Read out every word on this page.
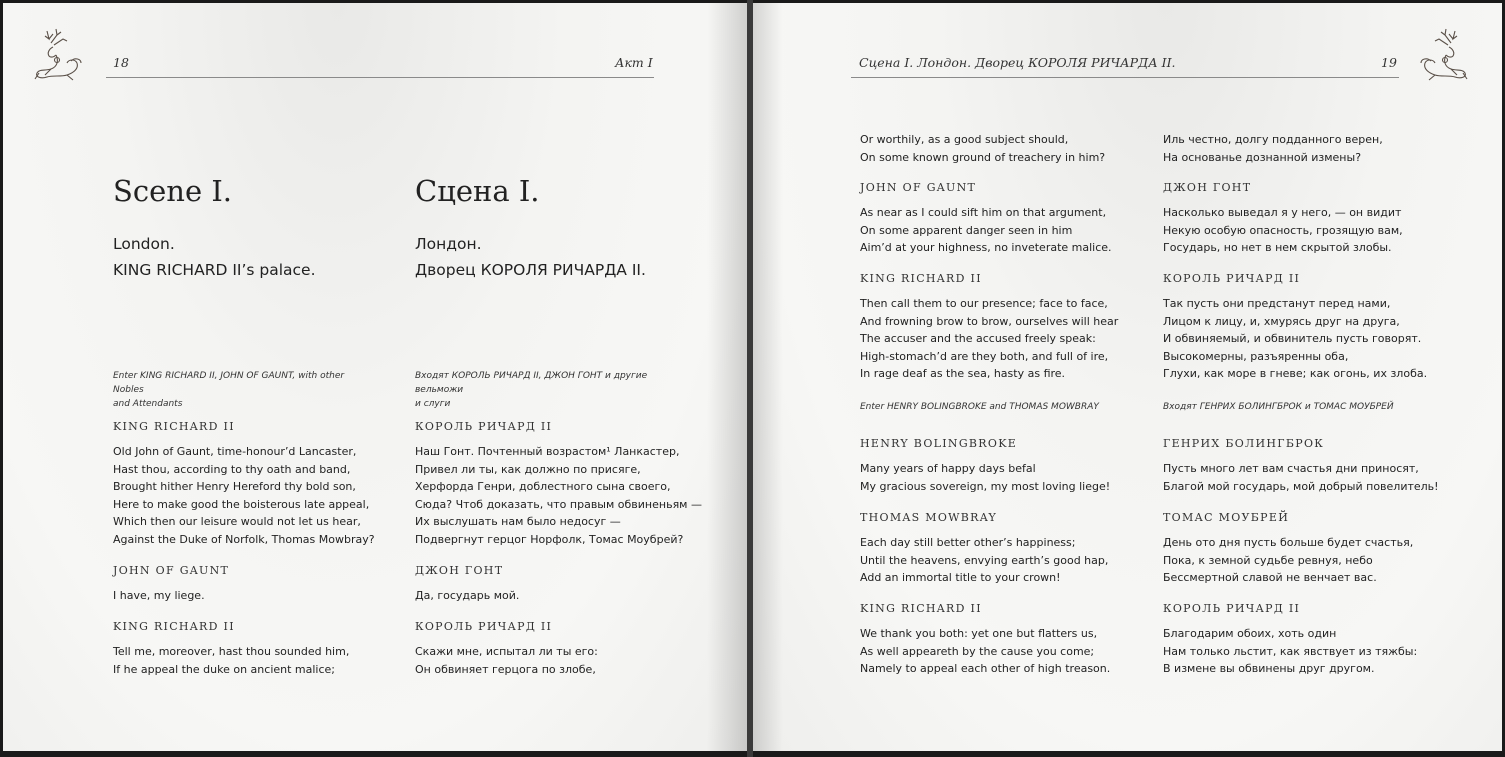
18	Акт I
Scene I.
London.
KING RICHARD II’s palace.
Enter KING RICHARD II, JOHN OF GAUNT, with other Nobles
and Attendants
KING RICHARD II
Old John of Gaunt, time-honour’d Lancaster,
Hast thou, according to thy oath and band,
Brought hither Henry Hereford thy bold son,
Here to make good the boisterous late appeal,
Which then our leisure would not let us hear,
Against the Duke of Norfolk, Thomas Mowbray?
JOHN OF GAUNT
I have, my liege.
KING RICHARD II
Tell me, moreover, hast thou sounded him,
If he appeal the duke on ancient malice;
Сцена I.
Лондон.
Дворец КОРОЛЯ РИЧАРДА II.
Входят КОРОЛЬ РИЧАРД II, ДЖОН ГОНТ и другие вельможи
и слуги
КОРОЛЬ РИЧАРД II
Наш Гонт. Почтенный возрастом¹ Ланкастер,
Привел ли ты, как должно по присяге,
Херфорда Генри, доблестного сына своего,
Сюда? Чтоб доказать, что правым обвиненьям —
Их выслушать нам было недосуг —
Подвергнут герцог Норфолк, Томас Моубрей?
ДЖОН ГОНТ
Да, государь мой.
КОРОЛЬ РИЧАРД II
Скажи мне, испытал ли ты его:
Он обвиняет герцога по злобе,
Сцена I. Лондон. Дворец КОРОЛЯ РИЧАРДА II.	19
Or worthily, as a good subject should,
On some known ground of treachery in him?
JOHN OF GAUNT
As near as I could sift him on that argument,
On some apparent danger seen in him
Aim’d at your highness, no inveterate malice.
KING RICHARD II
Then call them to our presence; face to face,
And frowning brow to brow, ourselves will hear
The accuser and the accused freely speak:
High-stomach’d are they both, and full of ire,
In rage deaf as the sea, hasty as fire.
Enter HENRY BOLINGBROKE and THOMAS MOWBRAY
HENRY BOLINGBROKE
Many years of happy days befal
My gracious sovereign, my most loving liege!
THOMAS MOWBRAY
Each day still better other’s happiness;
Until the heavens, envying earth’s good hap,
Add an immortal title to your crown!
KING RICHARD II
We thank you both: yet one but flatters us,
As well appeareth by the cause you come;
Namely to appeal each other of high treason.
Иль честно, долгу подданного верен,
На основанье дознанной измены?
ДЖОН ГОНТ
Насколько выведал я у него, — он видит
Некую особую опасность, грозящую вам,
Государь, но нет в нем скрытой злобы.
КОРОЛЬ РИЧАРД II
Так пусть они предстанут перед нами,
Лицом к лицу, и, хмурясь друг на друга,
И обвиняемый, и обвинитель пусть говорят.
Высокомерны, разъяренны оба,
Глухи, как море в гневе; как огонь, их злоба.
Входят ГЕНРИХ БОЛИНГБРОК и ТОМАС МОУБРЕЙ
ГЕНРИХ БОЛИНГБРОК
Пусть много лет вам счастья дни приносят,
Благой мой государь, мой добрый повелитель!
ТОМАС МОУБРЕЙ
День ото дня пусть больше будет счастья,
Пока, к земной судьбе ревнуя, небо
Бессмертной славой не венчает вас.
КОРОЛЬ РИЧАРД II
Благодарим обоих, хоть один
Нам только льстит, как явствует из тяжбы:
В измене вы обвинены друг другом.
